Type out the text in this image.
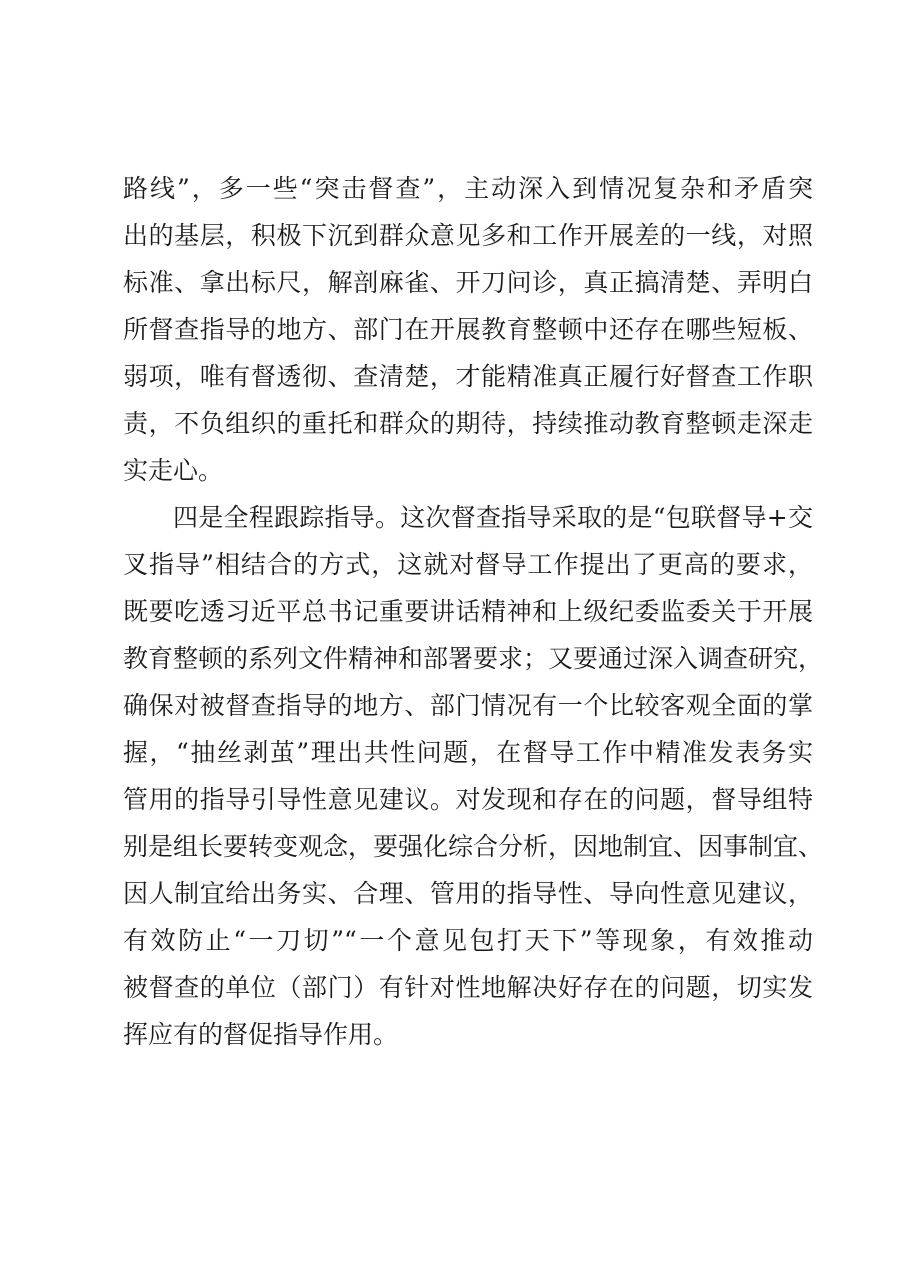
路线”，多一些“突击督查”，主动深入到情况复杂和矛盾突
出的基层，积极下沉到群众意见多和工作开展差的一线，对照
标准、拿出标尺，解剖麻雀、开刀问诊，真正搞清楚、弄明白
所督查指导的地方、部门在开展教育整顿中还存在哪些短板、
弱项，唯有督透彻、查清楚，才能精准真正履行好督查工作职
责，不负组织的重托和群众的期待，持续推动教育整顿走深走
实走心。
四是全程跟踪指导。这次督查指导采取的是“包联督导+交
叉指导”相结合的方式，这就对督导工作提出了更高的要求，
既要吃透习近平总书记重要讲话精神和上级纪委监委关于开展
教育整顿的系列文件精神和部署要求；又要通过深入调查研究，
确保对被督查指导的地方、部门情况有一个比较客观全面的掌
握，“抽丝剥茧”理出共性问题，在督导工作中精准发表务实
管用的指导引导性意见建议。对发现和存在的问题，督导组特
别是组长要转变观念，要强化综合分析，因地制宜、因事制宜、
因人制宜给出务实、合理、管用的指导性、导向性意见建议，
有效防止“一刀切”“一个意见包打天下”等现象，有效推动
被督查的单位（部门）有针对性地解决好存在的问题，切实发
挥应有的督促指导作用。
